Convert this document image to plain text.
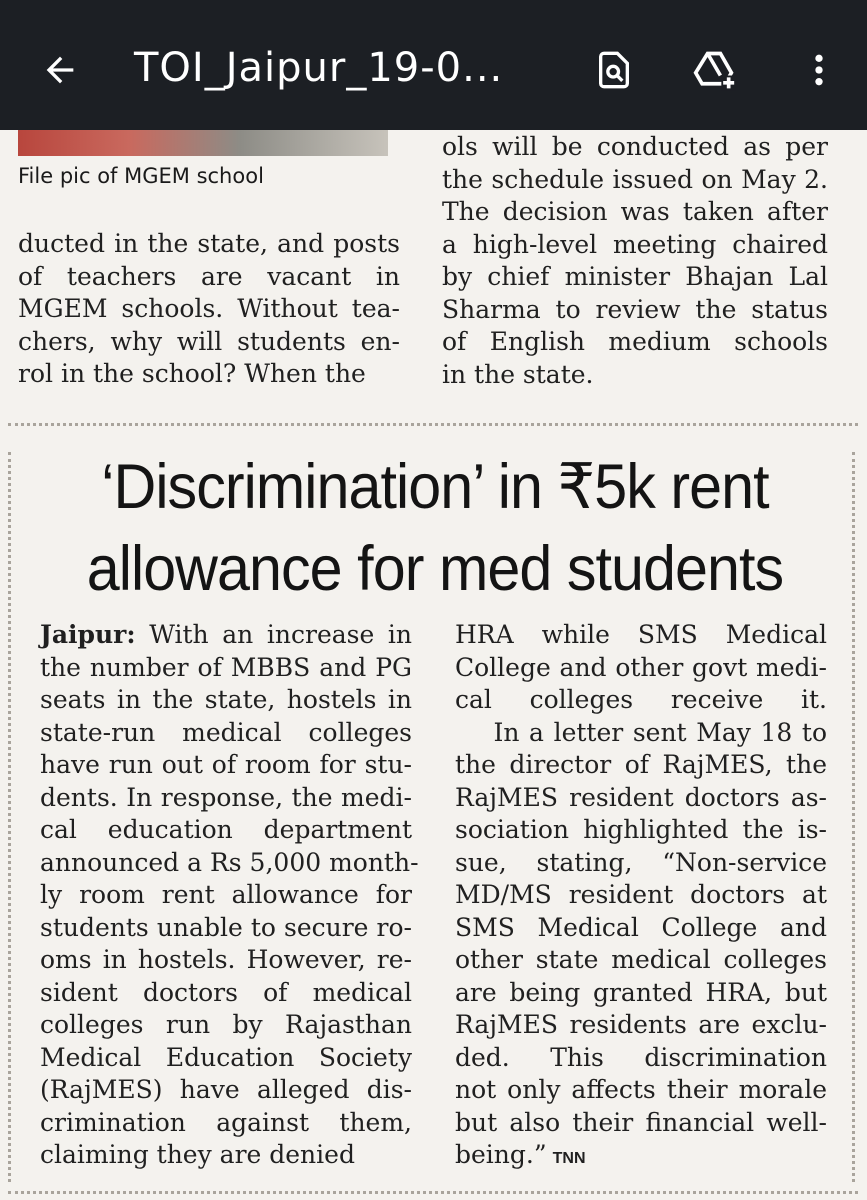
TOI_Jaipur_19-0...
File pic of MGEM school
ducted in the state, and posts
of teachers are vacant in
MGEM schools. Without tea-
chers, why will students en-
rol in the school? When the
ols will be conducted as per
the schedule issued on May 2.
The decision was taken after
a high-level meeting chaired
by chief minister Bhajan Lal
Sharma to review the status
of English medium schools
in the state.
‘Discrimination’ in ₹5k rent
allowance for med students
Jaipur: With an increase in
the number of MBBS and PG
seats in the state, hostels in
state-run medical colleges
have run out of room for stu-
dents. In response, the medi-
cal education department
announced a Rs 5,000 month-
ly room rent allowance for
students unable to secure ro-
oms in hostels. However, re-
sident doctors of medical
colleges run by Rajasthan
Medical Education Society
(RajMES) have alleged dis-
crimination against them,
claiming they are denied
HRA while SMS Medical
College and other govt medi-
cal colleges receive it.
In a letter sent May 18 to
the director of RajMES, the
RajMES resident doctors as-
sociation highlighted the is-
sue, stating, “Non-service
MD/MS resident doctors at
SMS Medical College and
other state medical colleges
are being granted HRA, but
RajMES residents are exclu-
ded. This discrimination
not only affects their morale
but also their financial well-
being.” TNN
